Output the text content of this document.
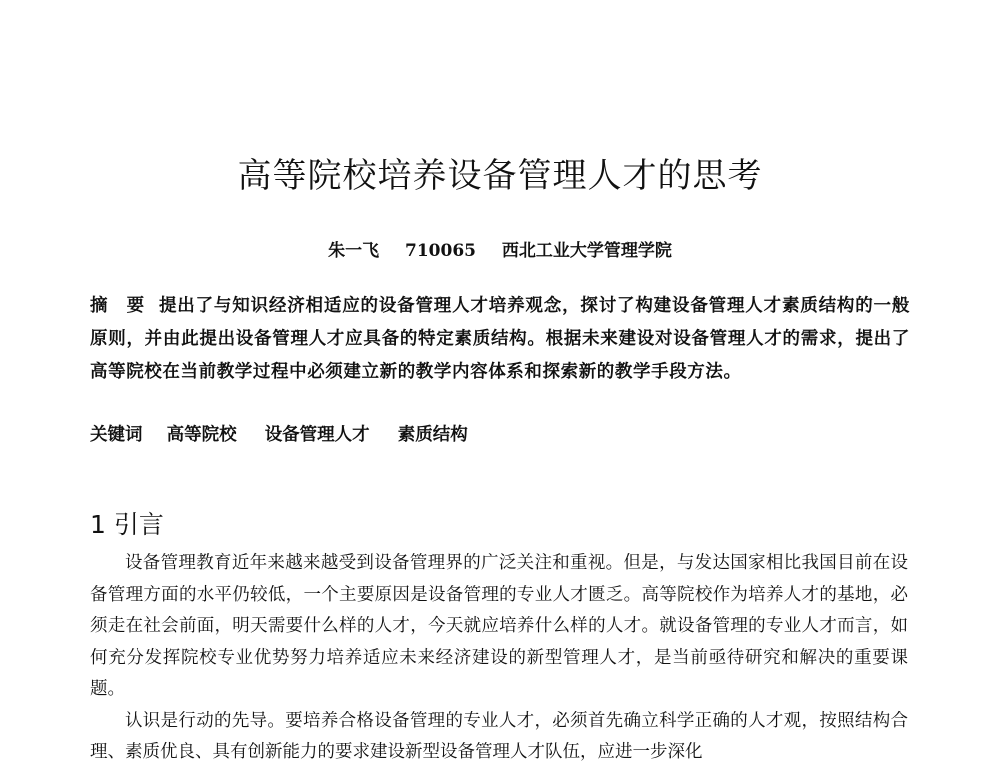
高等院校培养设备管理人才的思考
朱一飞 710065 西北工业大学管理学院
摘　要 提出了与知识经济相适应的设备管理人才培养观念，探讨了构建设备管理人才素质结构的一般原则，并由此提出设备管理人才应具备的特定素质结构。根据未来建设对设备管理人才的需求，提出了高等院校在当前教学过程中必须建立新的教学内容体系和探索新的教学手段方法。
关键词 高等院校 设备管理人才 素质结构
1 引言

设备管理教育近年来越来越受到设备管理界的广泛关注和重视。但是，与发达国家相比我国目前在设备管理方面的水平仍较低，一个主要原因是设备管理的专业人才匮乏。高等院校作为培养人才的基地，必须走在社会前面，明天需要什么样的人才，今天就应培养什么样的人才。就设备管理的专业人才而言，如何充分发挥院校专业优势努力培养适应未来经济建设的新型管理人才，是当前亟待研究和解决的重要课题。

认识是行动的先导。要培养合格设备管理的专业人才，必须首先确立科学正确的人才观，按照结构合理、素质优良、具有创新能力的要求建设新型设备管理人才队伍，应进一步深化
